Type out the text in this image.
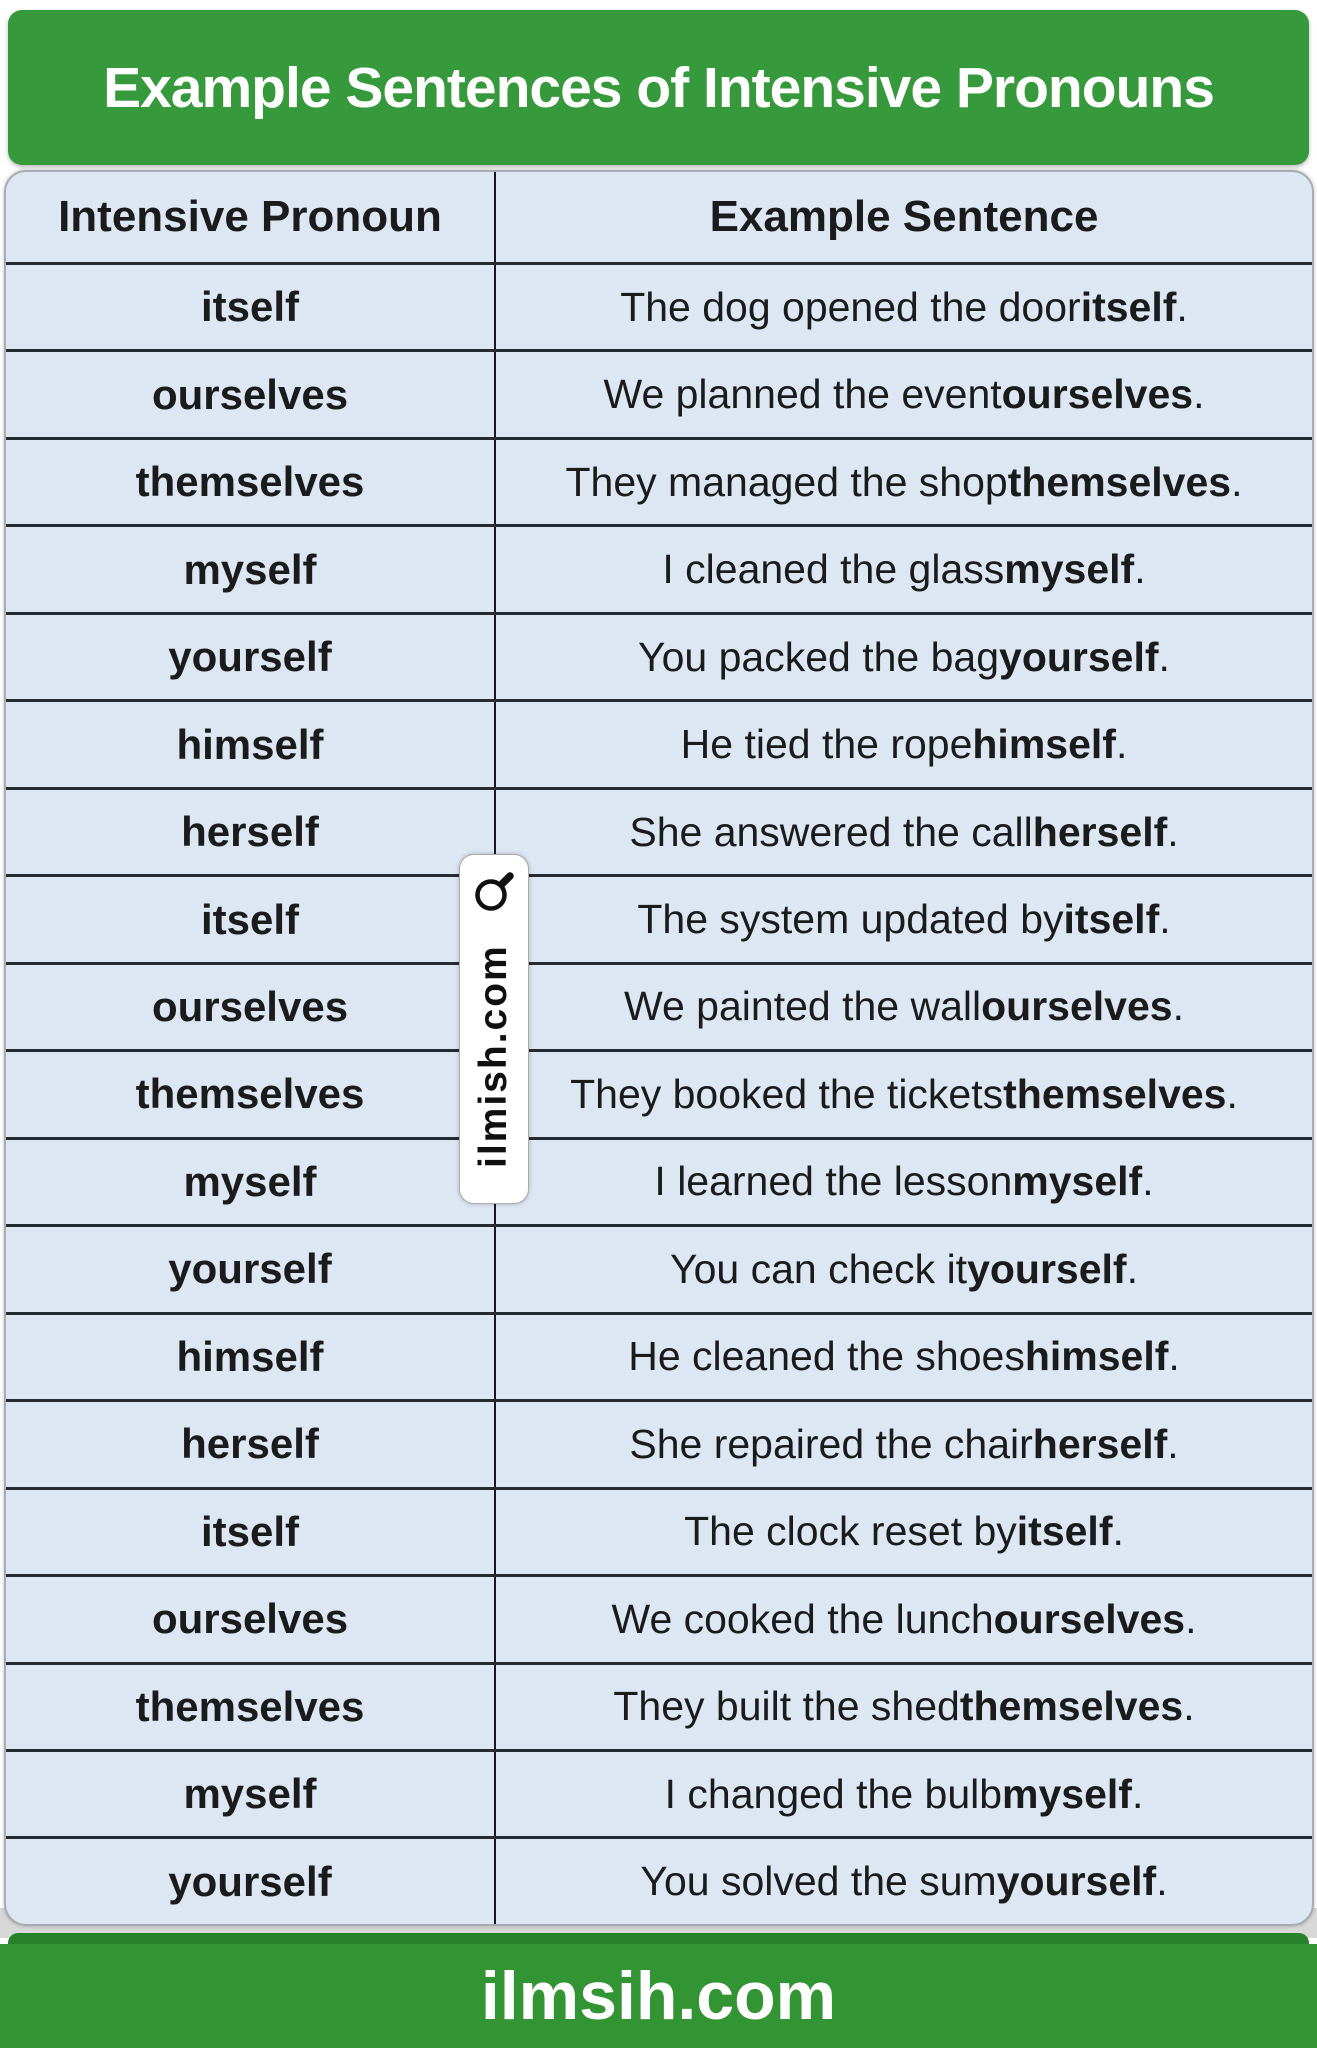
Example Sentences of Intensive Pronouns
Intensive Pronoun	Example Sentence
itself	The dog opened the door itself .
ourselves	We planned the event ourselves .
themselves	They managed the shop themselves .
myself	I cleaned the glass myself .
yourself	You packed the bag yourself .
himself	He tied the rope himself .
herself	She answered the call herself .
itself	The system updated by itself .
ourselves	We painted the wall ourselves .
themselves	They booked the tickets themselves .
myself	I learned the lesson myself .
yourself	You can check it yourself .
himself	He cleaned the shoes himself .
herself	She repaired the chair herself .
itself	The clock reset by itself .
ourselves	We cooked the lunch ourselves .
themselves	They built the shed themselves .
myself	I changed the bulb myself .
yourself	You solved the sum yourself .
ilmish.com
ilmsih.com
